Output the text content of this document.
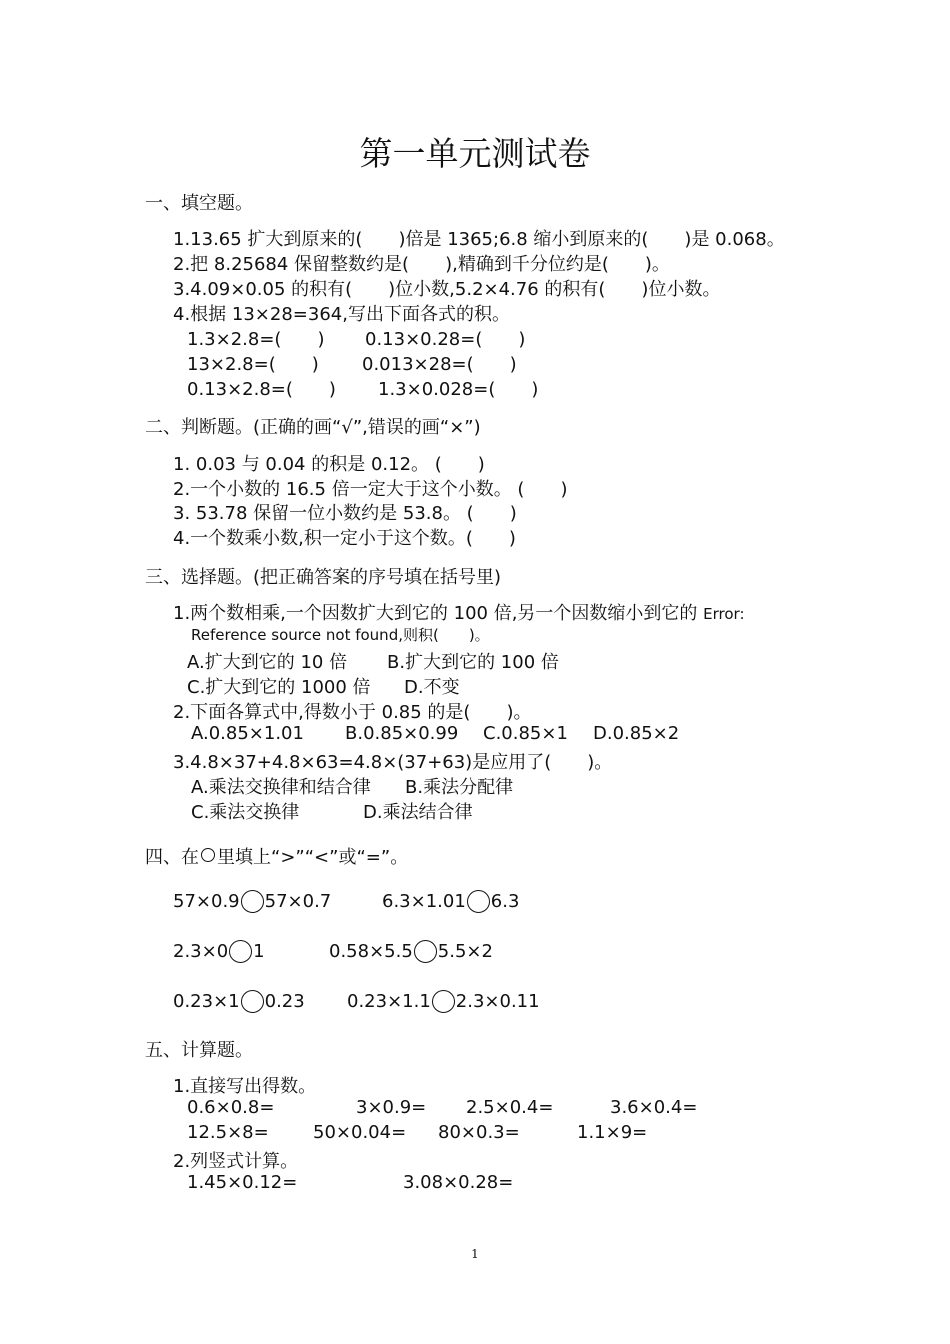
第一单元测试卷
一、填空题。
1.13.65 扩大到原来的(　　)倍是 1365;6.8 缩小到原来的(　　)是 0.068。
2.把 8.25684 保留整数约是(　　),精确到千分位约是(　　)。
3.4.09×0.05 的积有(　　)位小数,5.2×4.76 的积有(　　)位小数。
4.根据 13×28=364,写出下面各式的积。
1.3×2.8=(　　) 0.13×0.28=(　　)
13×2.8=(　　) 0.013×28=(　　)
0.13×2.8=(　　) 1.3×0.028=(　　)
二、判断题。(正确的画“√”,错误的画“×”)
1. 0.03 与 0.04 的积是 0.12。 (　　)
2.一个小数的 16.5 倍一定大于这个小数。 (　　)
3. 53.78 保留一位小数约是 53.8。 (　　)
4.一个数乘小数,积一定小于这个数。(　　)
三、选择题。(把正确答案的序号填在括号里)
1.两个数相乘,一个因数扩大到它的 100 倍,另一个因数缩小到它的 Error:
Reference source not found,则积(　　)。
A.扩大到它的 10 倍 B.扩大到它的 100 倍
C.扩大到它的 1000 倍 D.不变
2.下面各算式中,得数小于 0.85 的是(　　)。
A.0.85×1.01 B.0.85×0.99 C.0.85×1 D.0.85×2
3.4.8×37+4.8×63=4.8×(37+63)是应用了(　　)。
A.乘法交换律和结合律 B.乘法分配律
C.乘法交换律	D.乘法结合律
四、在 里填上“>”“<”或“=”。
57×0.9 57×0.7	6.3×1.01 6.3
2.3×0 1	0.58×5.5 5.5×2
0.23×1 0.23 0.23×1.1 2.3×0.11
五、计算题。
1.直接写出得数。
0.6×0.8=	3×0.9= 2.5×0.4=	3.6×0.4=
12.5×8= 50×0.04= 80×0.3=	1.1×9=
2.列竖式计算。
1.45×0.12=	3.08×0.28=
1
